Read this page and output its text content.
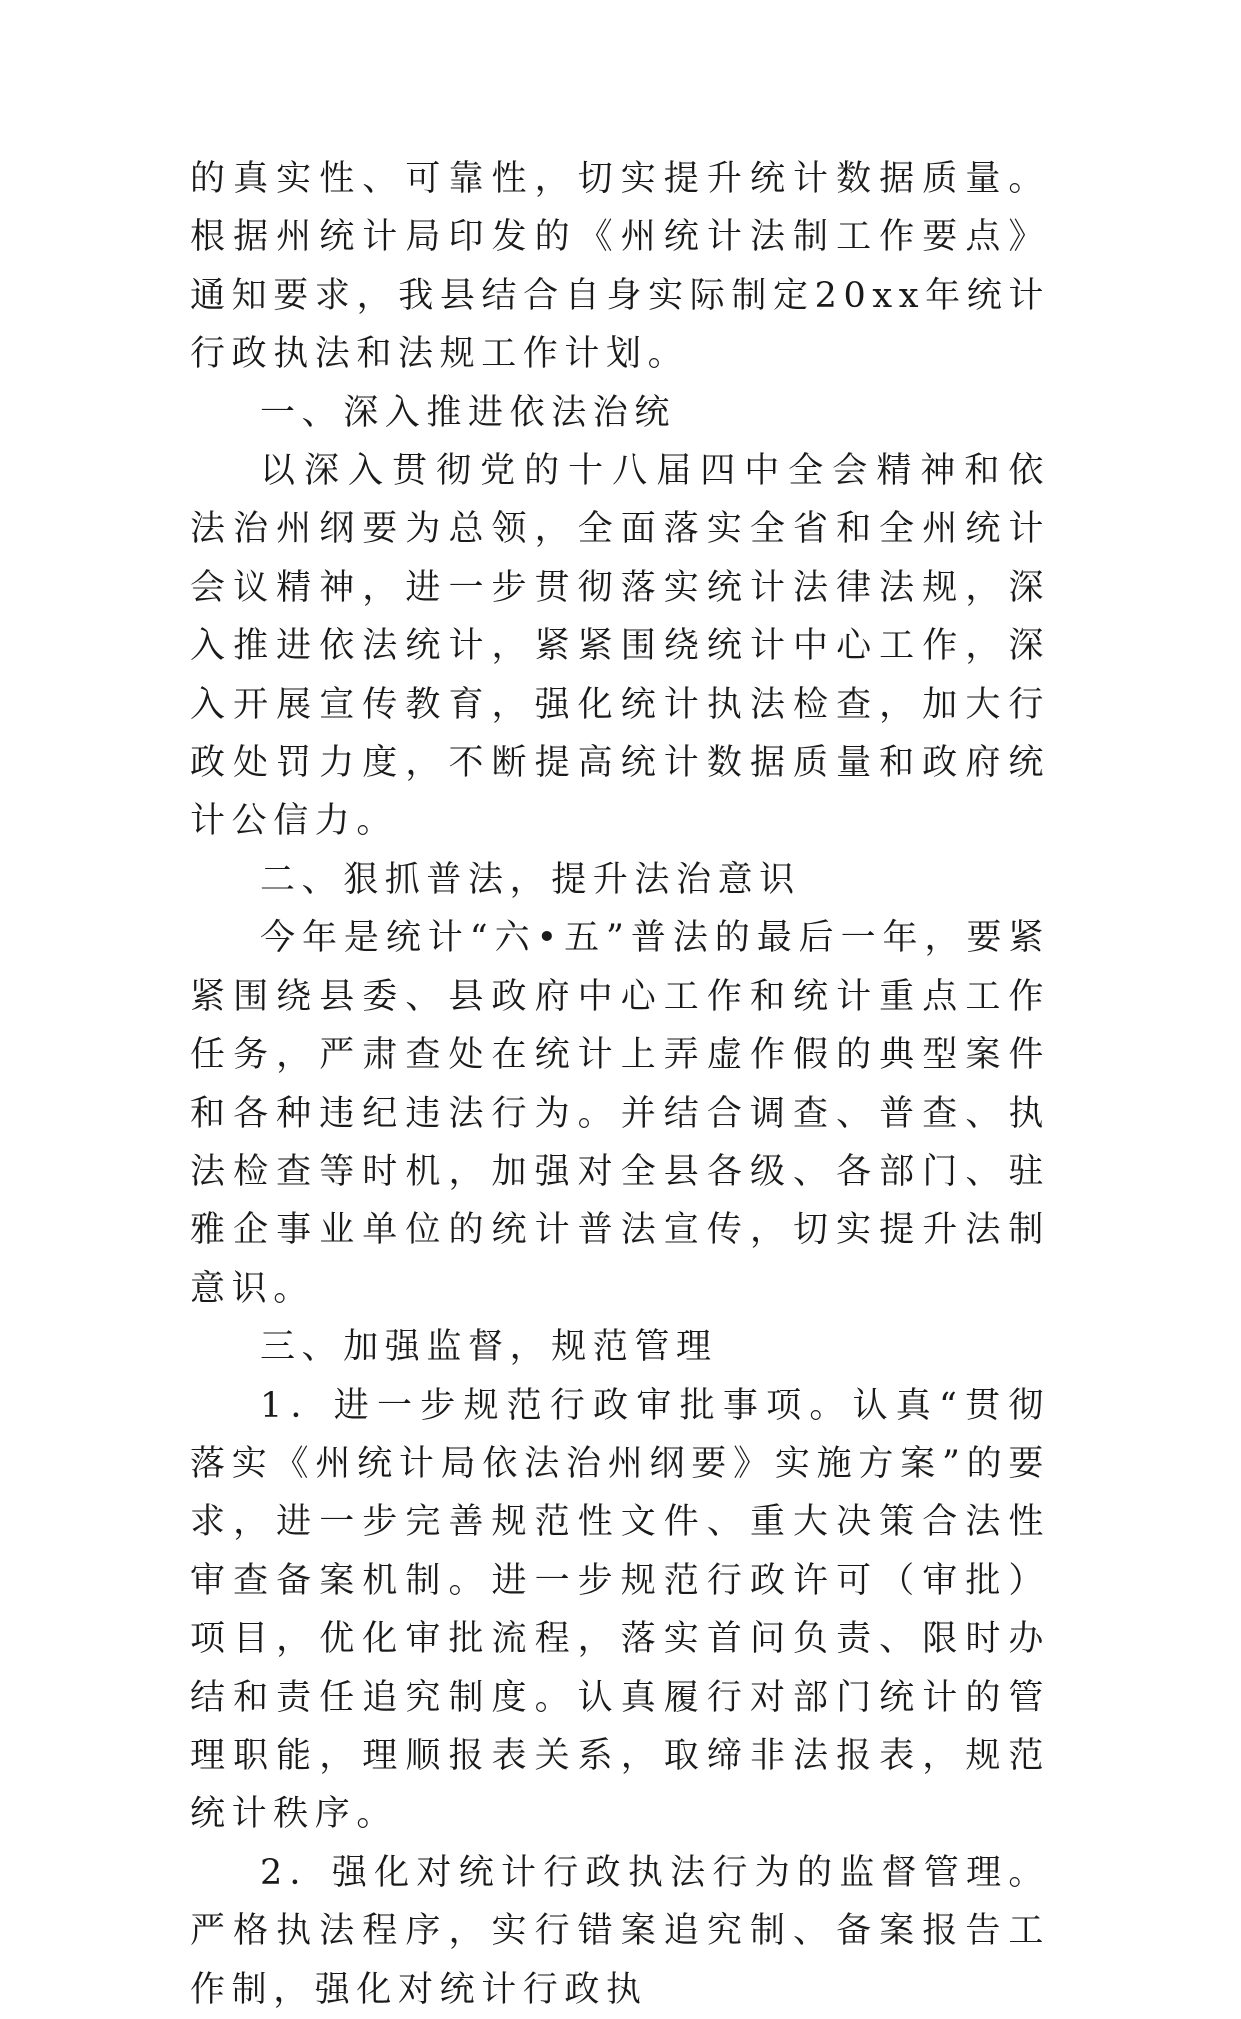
的真实性、可靠性，切实提升统计数据质量。根据州统计局印发的《州统计法制工作要点》通知要求，我县结合自身实际制定20xx年统计行政执法和法规工作计划。

一、深入推进依法治统

以深入贯彻党的十八届四中全会精神和依法治州纲要为总领，全面落实全省和全州统计会议精神，进一步贯彻落实统计法律法规，深入推进依法统计，紧紧围绕统计中心工作，深入开展宣传教育，强化统计执法检查，加大行政处罚力度，不断提高统计数据质量和政府统计公信力。

二、狠抓普法，提升法治意识

今年是统计“六•五”普法的最后一年，要紧紧围绕县委、县政府中心工作和统计重点工作任务，严肃查处在统计上弄虚作假的典型案件和各种违纪违法行为。并结合调查、普查、执法检查等时机，加强对全县各级、各部门、驻雅企事业单位的统计普法宣传，切实提升法制意识。

三、加强监督，规范管理

1．进一步规范行政审批事项。认真“贯彻落实《州统计局依法治州纲要》实施方案”的要求，进一步完善规范性文件、重大决策合法性审查备案机制。进一步规范行政许可（审批）项目，优化审批流程，落实首问负责、限时办结和责任追究制度。认真履行对部门统计的管理职能，理顺报表关系，取缔非法报表，规范统计秩序。

2．强化对统计行政执法行为的监督管理。严格执法程序，实行错案追究制、备案报告工作制，强化对统计行政执
